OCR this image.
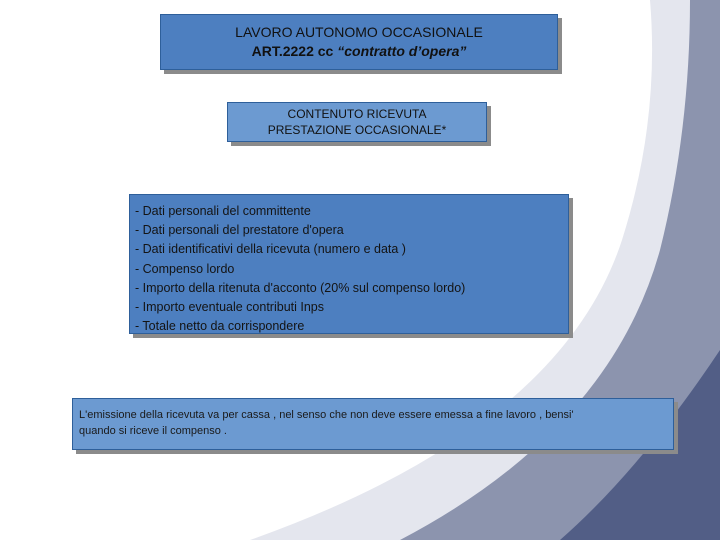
LAVORO AUTONOMO OCCASIONALE
ART.2222 cc “contratto d’opera”
CONTENUTO RICEVUTA
PRESTAZIONE OCCASIONALE*
- Dati personali del committente
- Dati personali del prestatore d'opera
- Dati identificativi della ricevuta (numero e data )
- Compenso lordo
- Importo della ritenuta d'acconto (20% sul compenso lordo)
- Importo eventuale contributi Inps
- Totale netto da corrispondere

L'emissione della ricevuta va per cassa , nel senso che non deve essere emessa a fine lavoro , bensi'

quando si riceve il compenso .
